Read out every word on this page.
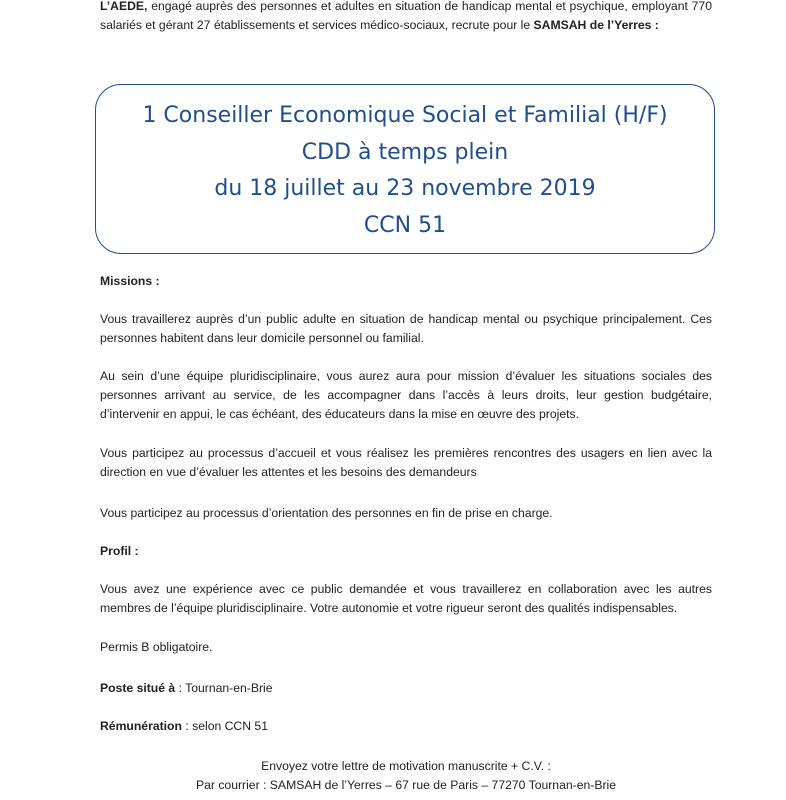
L’AEDE, engagé auprès des personnes et adultes en situation de handicap mental et psychique, employant 770 salariés et gérant 27 établissements et services médico-sociaux, recrute pour le SAMSAH de l’Yerres :
1 Conseiller Economique Social et Familial (H/F)
CDD à temps plein
du 18 juillet au 23 novembre 2019
CCN 51
Missions :
Vous travaillerez auprès d’un public adulte en situation de handicap mental ou psychique principalement. Ces personnes habitent dans leur domicile personnel ou familial.
Au sein d’une équipe pluridisciplinaire, vous aurez aura pour mission d’évaluer les situations sociales des personnes arrivant au service, de les accompagner dans l’accès à leurs droits, leur gestion budgétaire, d’intervenir en appui, le cas échéant, des éducateurs dans la mise en œuvre des projets.
Vous participez au processus d’accueil et vous réalisez les premières rencontres des usagers en lien avec la direction en vue d’évaluer les attentes et les besoins des demandeurs
Vous participez au processus d’orientation des personnes en fin de prise en charge.
Profil :
Vous avez une expérience avec ce public demandée et vous travaillerez en collaboration avec les autres membres de l’équipe pluridisciplinaire. Votre autonomie et votre rigueur seront des qualités indispensables.
Permis B obligatoire.
Poste situé à : Tournan-en-Brie
Rémunération : selon CCN 51
Envoyez votre lettre de motivation manuscrite + C.V. :
Par courrier : SAMSAH de l’Yerres – 67 rue de Paris – 77270 Tournan-en-Brie
